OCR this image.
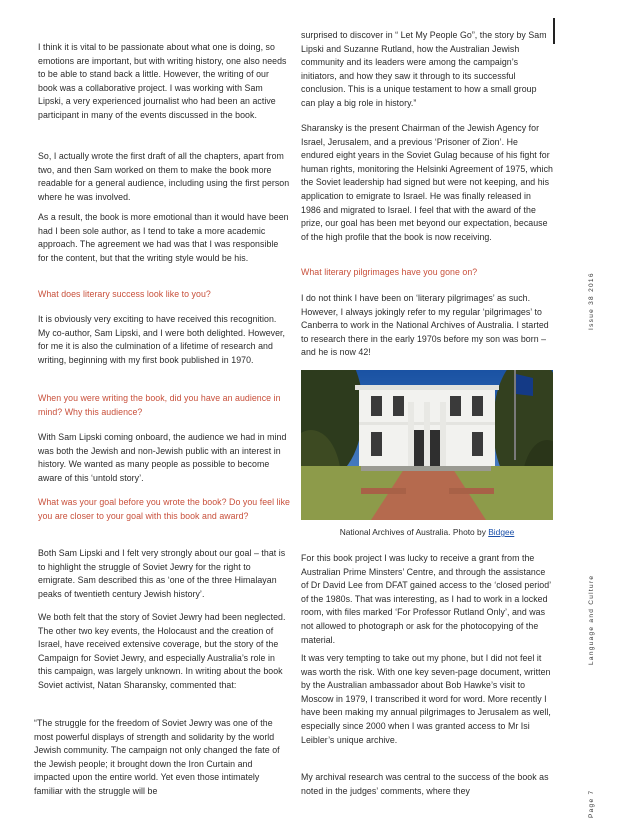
I think it is vital to be passionate about what one is doing, so emotions are important, but with writing history, one also needs to be able to stand back a little. However, the writing of our book was a collaborative project. I was working with Sam Lipski, a very experienced journalist who had been an active participant in many of the events discussed in the book.

So, I actually wrote the first draft of all the chapters, apart from two, and then Sam worked on them to make the book more readable for a general audience, including using the first person where he was involved.

As a result, the book is more emotional than it would have been had I been sole author, as I tend to take a more academic approach. The agreement we had was that I was responsible for the content, but that the writing style would be his.

What does literary success look like to you?

It is obviously very exciting to have received this recognition. My co-author, Sam Lipski, and I were both delighted. However, for me it is also the culmination of a lifetime of research and writing, beginning with my first book published in 1970.

When you were writing the book, did you have an audience in mind? Why this audience?

With Sam Lipski coming onboard, the audience we had in mind was both the Jewish and non-Jewish public with an interest in history. We wanted as many people as possible to become aware of this ‘untold story’.

What was your goal before you wrote the book? Do you feel like you are closer to your goal with this book and award?

Both Sam Lipski and I felt very strongly about our goal – that is to highlight the struggle of Soviet Jewry for the right to emigrate. Sam described this as ‘one of the three Himalayan peaks of twentieth century Jewish history’.

We both felt that the story of Soviet Jewry had been neglected. The other two key events, the Holocaust and the creation of Israel, have received extensive coverage, but the story of the Campaign for Soviet Jewry, and especially Australia’s role in this campaign, was largely unknown. In writing about the book Soviet activist, Natan Sharansky, commented that:

“The struggle for the freedom of Soviet Jewry was one of the most powerful displays of strength and solidarity by the world Jewish community. The campaign not only changed the fate of the Jewish people; it brought down the Iron Curtain and impacted upon the entire world. Yet even those intimately familiar with the struggle will be

surprised to discover in “ Let My People Go”, the story by Sam Lipski and Suzanne Rutland, how the Australian Jewish community and its leaders were among the campaign’s initiators, and how they saw it through to its successful conclusion. This is a unique testament to how a small group can play a big role in history.”

Sharansky is the present Chairman of the Jewish Agency for Israel, Jerusalem, and a previous ‘Prisoner of Zion’. He endured eight years in the Soviet Gulag because of his fight for human rights, monitoring the Helsinki Agreement of 1975, which the Soviet leadership had signed but were not keeping, and his application to emigrate to Israel. He was finally released in 1986 and migrated to Israel. I feel that with the award of the prize, our goal has been met beyond our expectation, because of the high profile that the book is now receiving.

What literary pilgrimages have you gone on?

I do not think I have been on ‘literary pilgrimages’ as such. However, I always jokingly refer to my regular ‘pilgrimages’ to Canberra to work in the National Archives of Australia. I started to research there in the early 1970s before my son was born – and he is now 42!

For this book project I was lucky to receive a grant from the Australian Prime Minsters’ Centre, and through the assistance of Dr David Lee from DFAT gained access to the ‘closed period’ of the 1980s. That was interesting, as I had to work in a locked room, with files marked ‘For Professor Rutland Only’, and was not allowed to photograph or ask for the photocopying of the material.

It was very tempting to take out my phone, but I did not feel it was worth the risk. With one key seven-page document, written by the Australian ambassador about Bob Hawke’s visit to Moscow in 1979, I transcribed it word for word. More recently I have been making my annual pilgrimages to Jerusalem as well, especially since 2000 when I was granted access to Mr Isi Leibler’s unique archive.

My archival research was central to the success of the book as noted in the judges’ comments, where they

National Archives of Australia. Photo by Bidgee
Issue 38 2016
Language and Culture
Page 7
